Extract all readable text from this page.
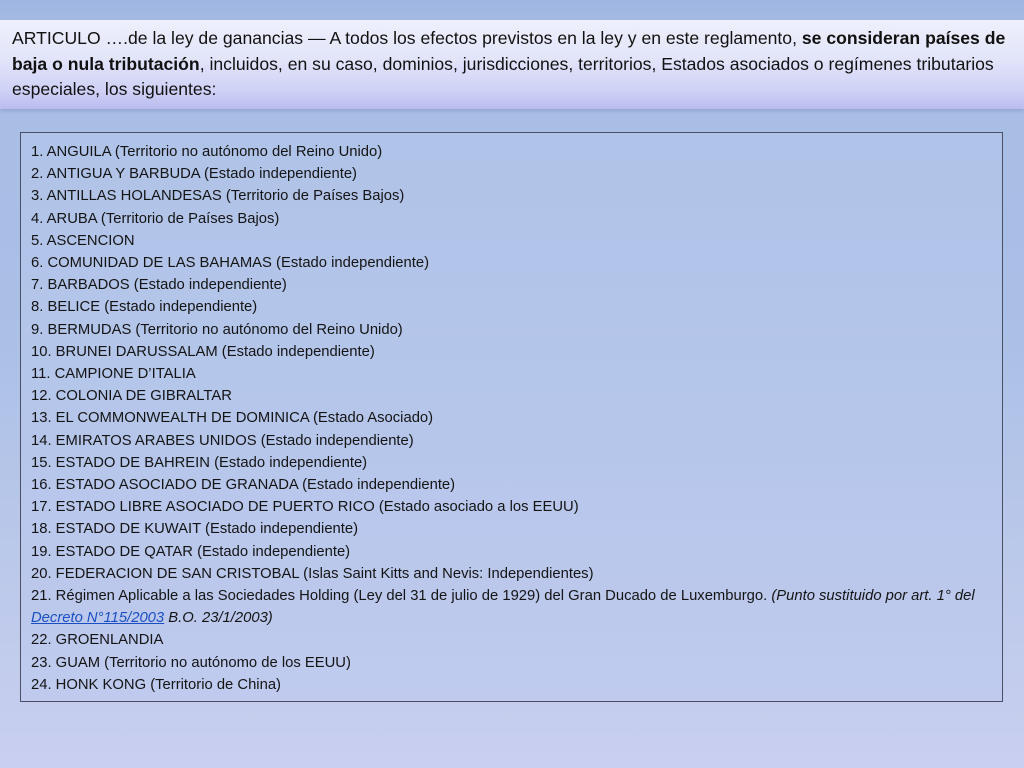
ARTICULO ….de la ley de ganancias — A todos los efectos previstos en la ley y en este reglamento, se consideran países de baja o nula tributación, incluidos, en su caso, dominios, jurisdicciones, territorios, Estados asociados o regímenes tributarios especiales, los siguientes:

1. ANGUILA (Territorio no autónomo del Reino Unido)
2. ANTIGUA Y BARBUDA (Estado independiente)
3. ANTILLAS HOLANDESAS (Territorio de Países Bajos)
4. ARUBA (Territorio de Países Bajos)
5. ASCENCION
6. COMUNIDAD DE LAS BAHAMAS (Estado independiente)
7. BARBADOS (Estado independiente)
8. BELICE (Estado independiente)
9. BERMUDAS (Territorio no autónomo del Reino Unido)
10. BRUNEI DARUSSALAM (Estado independiente)
11. CAMPIONE D’ITALIA
12. COLONIA DE GIBRALTAR
13. EL COMMONWEALTH DE DOMINICA (Estado Asociado)
14. EMIRATOS ARABES UNIDOS (Estado independiente)
15. ESTADO DE BAHREIN (Estado independiente)
16. ESTADO ASOCIADO DE GRANADA (Estado independiente)
17. ESTADO LIBRE ASOCIADO DE PUERTO RICO (Estado asociado a los EEUU)
18. ESTADO DE KUWAIT (Estado independiente)
19. ESTADO DE QATAR (Estado independiente)
20. FEDERACION DE SAN CRISTOBAL (Islas Saint Kitts and Nevis: Independientes)
21. Régimen Aplicable a las Sociedades Holding (Ley del 31 de julio de 1929) del Gran Ducado de Luxemburgo. (Punto sustituido por art. 1° del Decreto N°115/2003 B.O. 23/1/2003)
22. GROENLANDIA
23. GUAM (Territorio no autónomo de los EEUU)
24. HONK KONG (Territorio de China)
